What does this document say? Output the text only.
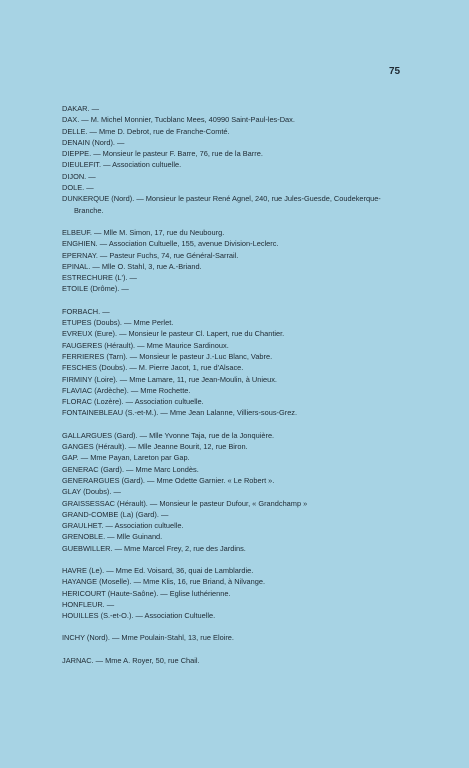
75
DAKAR. —
DAX. — M. Michel Monnier, Tucblanc Mees, 40990 Saint-Paul-les-Dax.
DELLE. — Mme D. Debrot, rue de Franche-Comté.
DENAIN (Nord). —
DIEPPE. — Monsieur le pasteur F. Barre, 76, rue de la Barre.
DIEULEFIT. — Association cultuelle.
DIJON. —
DOLE. —
DUNKERQUE (Nord). — Monsieur le pasteur René Agnel, 240, rue Jules-Guesde, Coudekerque-Branche.
ELBEUF. — Mlle M. Simon, 17, rue du Neubourg.
ENGHIEN. — Association Cultuelle, 155, avenue Division-Leclerc.
EPERNAY. — Pasteur Fuchs, 74, rue Général-Sarrail.
EPINAL. — Mlle O. Stahl, 3, rue A.-Briand.
ESTRECHURE (L'). —
ETOILE (Drôme). —
FORBACH. —
ETUPES (Doubs). — Mme Perlet.
EVREUX (Eure). — Monsieur le pasteur Cl. Lapert, rue du Chantier.
FAUGERES (Hérault). — Mme Maurice Sardinoux.
FERRIERES (Tarn). — Monsieur le pasteur J.-Luc Blanc, Vabre.
FESCHES (Doubs). — M. Pierre Jacot, 1, rue d'Alsace.
FIRMINY (Loire). — Mme Lamare, 11, rue Jean-Moulin, à Unieux.
FLAVIAC (Ardèche). — Mme Rochette.
FLORAC (Lozère). — Association cultuelle.
FONTAINEBLEAU (S.-et-M.). — Mme Jean Lalanne, Villiers-sous-Grez.
GALLARGUES (Gard). — Mlle Yvonne Taja, rue de la Jonquière.
GANGES (Hérault). — Mlle Jeanne Bourit, 12, rue Biron.
GAP. — Mme Payan, Lareton par Gap.
GENERAC (Gard). — Mme Marc Londès.
GENERARGUES (Gard). — Mme Odette Garnier. « Le Robert ».
GLAY (Doubs). —
GRAISSESSAC (Hérault). — Monsieur le pasteur Dufour, « Grandchamp »
GRAND-COMBE (La) (Gard). —
GRAULHET. — Association cultuelle.
GRENOBLE. — Mlle Guinand.
GUEBWILLER. — Mme Marcel Frey, 2, rue des Jardins.
HAVRE (Le). — Mme Ed. Voisard, 36, quai de Lamblardie.
HAYANGE (Moselle). — Mme Klis, 16, rue Briand, à Nilvange.
HERICOURT (Haute-Saône). — Eglise luthérienne.
HONFLEUR. —
HOUILLES (S.-et-O.). — Association Cultuelle.
INCHY (Nord). — Mme Poulain-Stahl, 13, rue Eloire.
JARNAC. — Mme A. Royer, 50, rue Chail.
